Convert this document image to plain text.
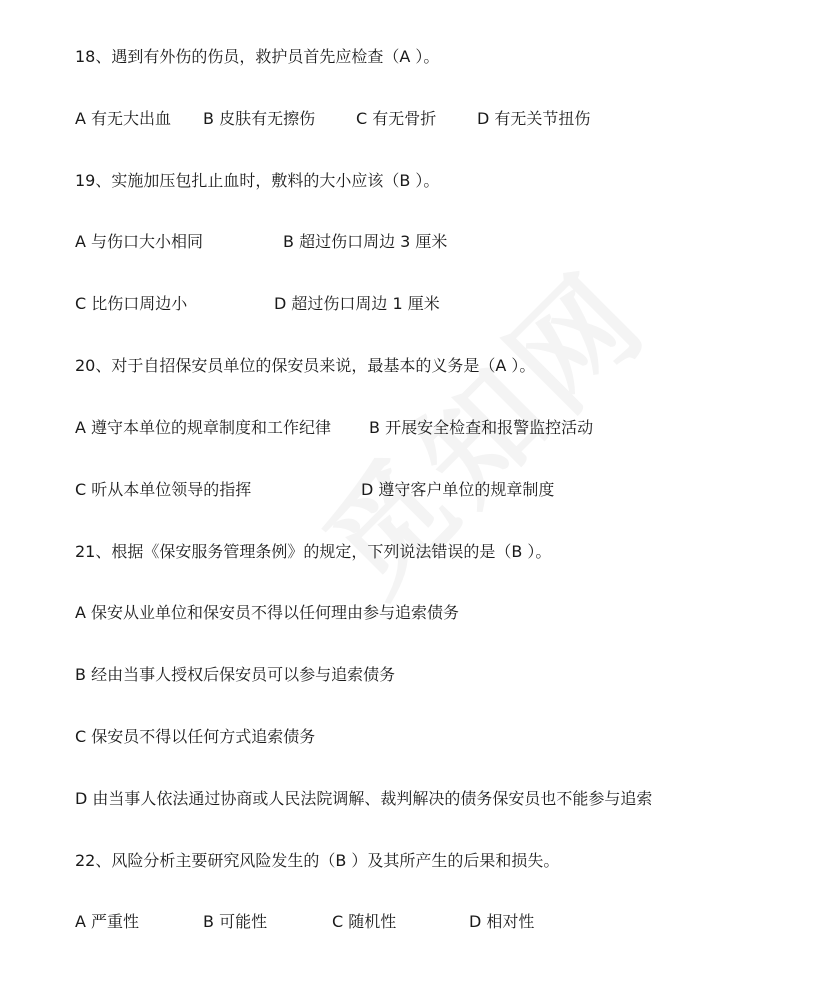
18、遇到有外伤的伤员，救护员首先应检查（A ）。
A 有无大出血 B 皮肤有无擦伤	C 有无骨折	D 有无关节扭伤
19、实施加压包扎止血时，敷料的大小应该（B ）。
A 与伤口大小相同	B 超过伤口周边 3 厘米
C 比伤口周边小	D 超过伤口周边 1 厘米
20、对于自招保安员单位的保安员来说，最基本的义务是（A ）。
A 遵守本单位的规章制度和工作纪律 B 开展安全检查和报警监控活动
C 听从本单位领导的指挥	D 遵守客户单位的规章制度
21、根据《保安服务管理条例》的规定，下列说法错误的是（B ）。
A 保安从业单位和保安员不得以任何理由参与追索债务
B 经由当事人授权后保安员可以参与追索债务
C 保安员不得以任何方式追索债务
D 由当事人依法通过协商或人民法院调解、裁判解决的债务保安员也不能参与追索
22、风险分析主要研究风险发生的（B ）及其所产生的后果和损失。
A 严重性	B 可能性	C 随机性	D 相对性
